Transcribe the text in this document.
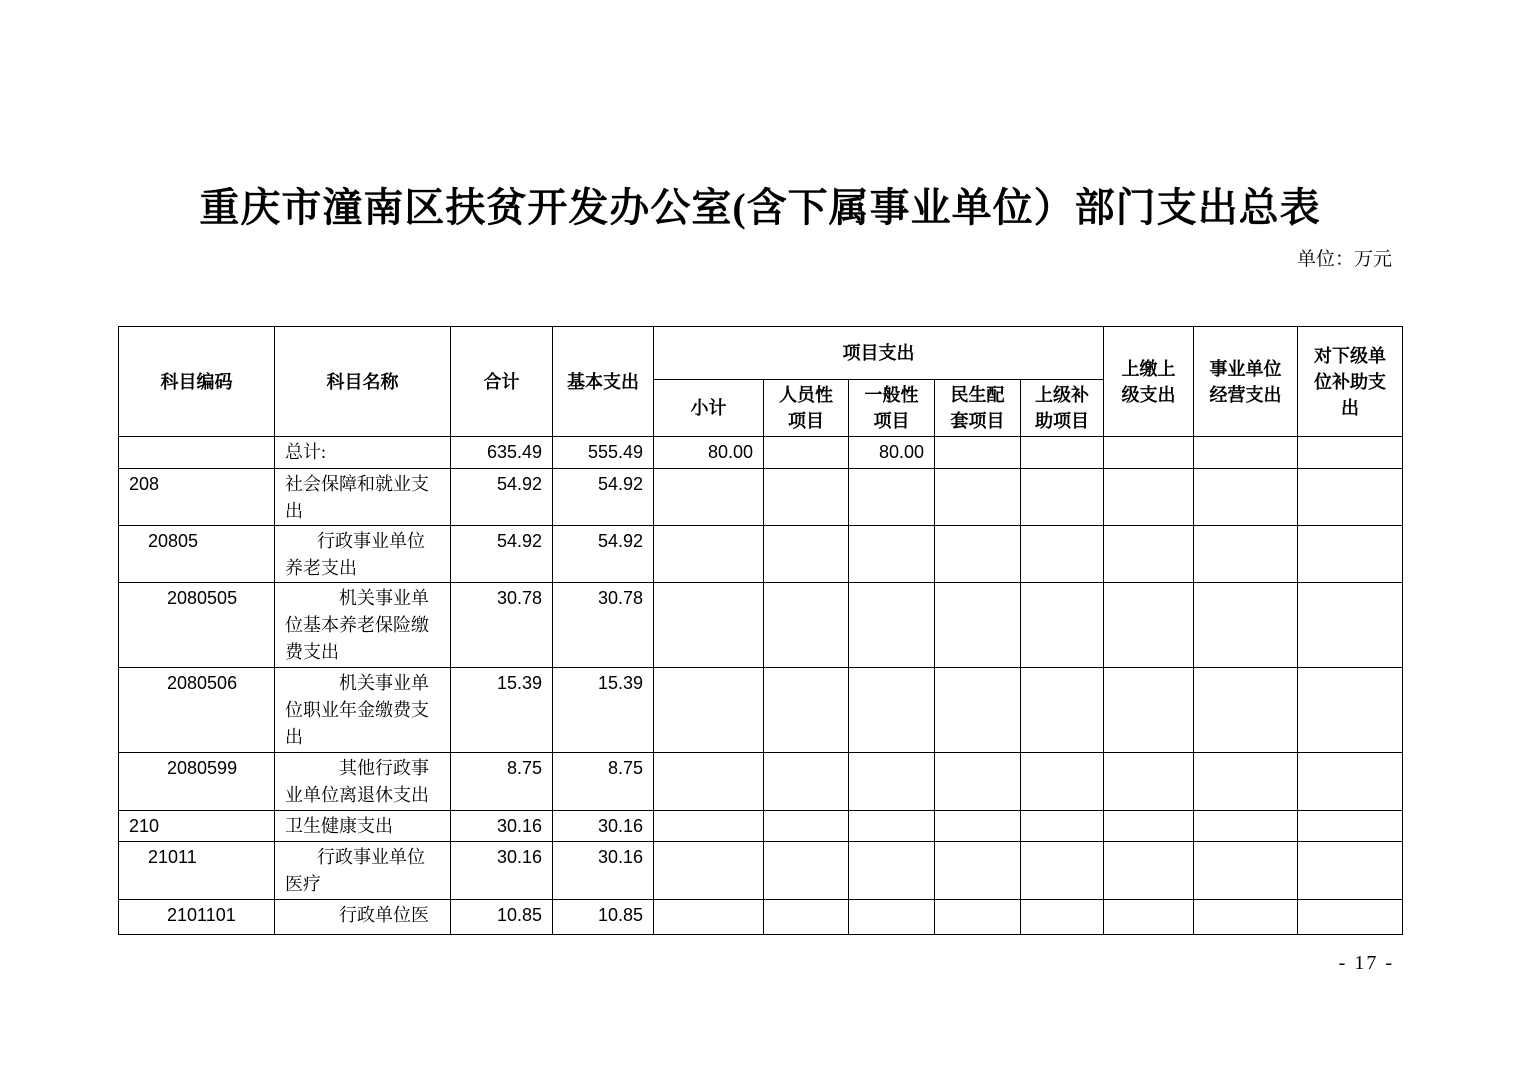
重庆市潼南区扶贫开发办公室(含下属事业单位）部门支出总表
单位：万元
科目编码	科目名称	合计	基本支出	项目支出					上缴上级支出	事业单位经营支出	对下级单位补助支出
				小计	人员性项目	一般性项目	民生配套项目	上级补助项目			
	总计:	635.49	555.49	80.00		80.00					
208	社会保障和就业支出	54.92	54.92								
20805	行政事业单位养老支出	54.92	54.92								
2080505	机关事业单位基本养老保险缴费支出	30.78	30.78								
2080506	机关事业单位职业年金缴费支出	15.39	15.39								
2080599	其他行政事业单位离退休支出	8.75	8.75								
210	卫生健康支出	30.16	30.16								
21011	行政事业单位医疗	30.16	30.16								
2101101	行政单位医	10.85	10.85								
- 17 -
